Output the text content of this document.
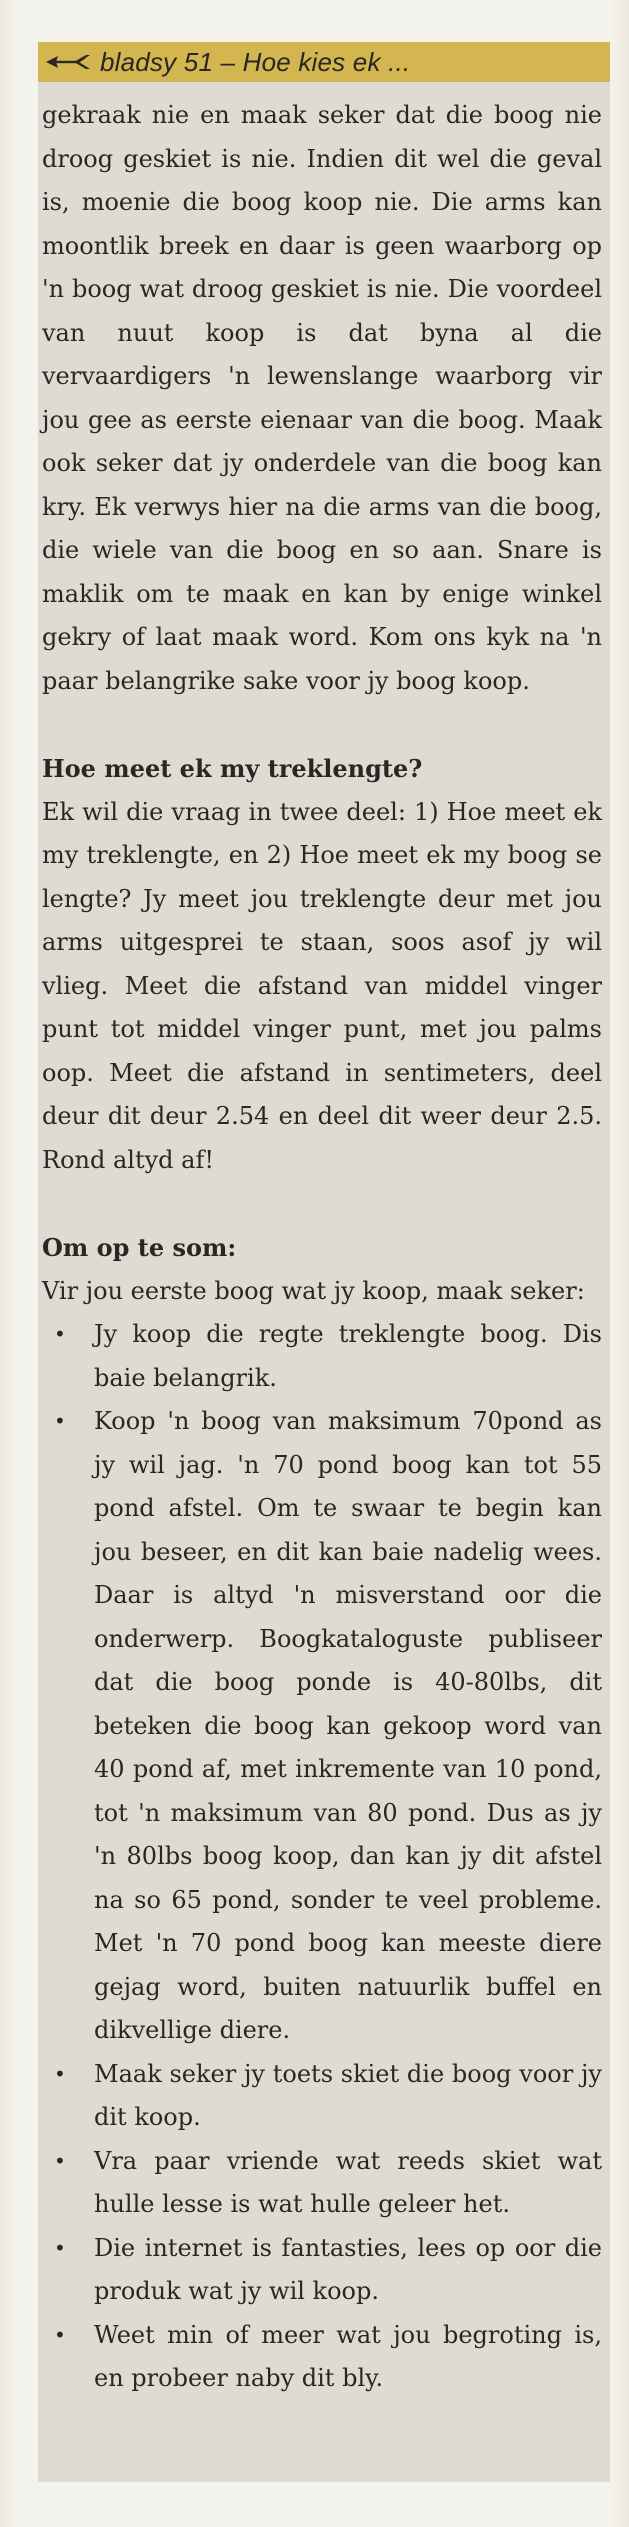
bladsy 51 – Hoe kies ek ...

gekraak nie en maak seker dat die boog nie droog geskiet is nie. Indien dit wel die geval is, moenie die boog koop nie. Die arms kan moontlik breek en daar is geen waarborg op 'n boog wat droog geskiet is nie. Die voordeel van nuut koop is dat byna al die vervaardigers 'n lewenslange waarborg vir jou gee as eerste eienaar van die boog. Maak ook seker dat jy onderdele van die boog kan kry. Ek verwys hier na die arms van die boog, die wiele van die boog en so aan. Snare is maklik om te maak en kan by enige winkel gekry of laat maak word. Kom ons kyk na 'n paar belangrike sake voor jy boog koop.

Hoe meet ek my treklengte?

Ek wil die vraag in twee deel: 1) Hoe meet ek my treklengte, en 2) Hoe meet ek my boog se lengte? Jy meet jou treklengte deur met jou arms uitgesprei te staan, soos asof jy wil vlieg. Meet die afstand van middel vinger punt tot middel vinger punt, met jou palms oop. Meet die afstand in sentimeters, deel deur dit deur 2.54 en deel dit weer deur 2.5. Rond altyd af!

Om op te som:

Vir jou eerste boog wat jy koop, maak seker:

•	Jy koop die regte treklengte boog. Dis baie belangrik.
•	Koop 'n boog van maksimum 70pond as jy wil jag. 'n 70 pond boog kan tot 55 pond afstel. Om te swaar te begin kan jou beseer, en dit kan baie nadelig wees. Daar is altyd 'n misverstand oor die onderwerp. Boogkataloguste publiseer dat die boog ponde is 40-80lbs, dit beteken die boog kan gekoop word van 40 pond af, met inkremente van 10 pond, tot 'n maksimum van 80 pond. Dus as jy 'n 80lbs boog koop, dan kan jy dit afstel na so 65 pond, sonder te veel probleme. Met 'n 70 pond boog kan meeste diere gejag word, buiten natuurlik buffel en dikvellige diere.
•	Maak seker jy toets skiet die boog voor jy dit koop.
•	Vra paar vriende wat reeds skiet wat hulle lesse is wat hulle geleer het.
•	Die internet is fantasties, lees op oor die produk wat jy wil koop.
•	Weet min of meer wat jou begroting is, en probeer naby dit bly.
